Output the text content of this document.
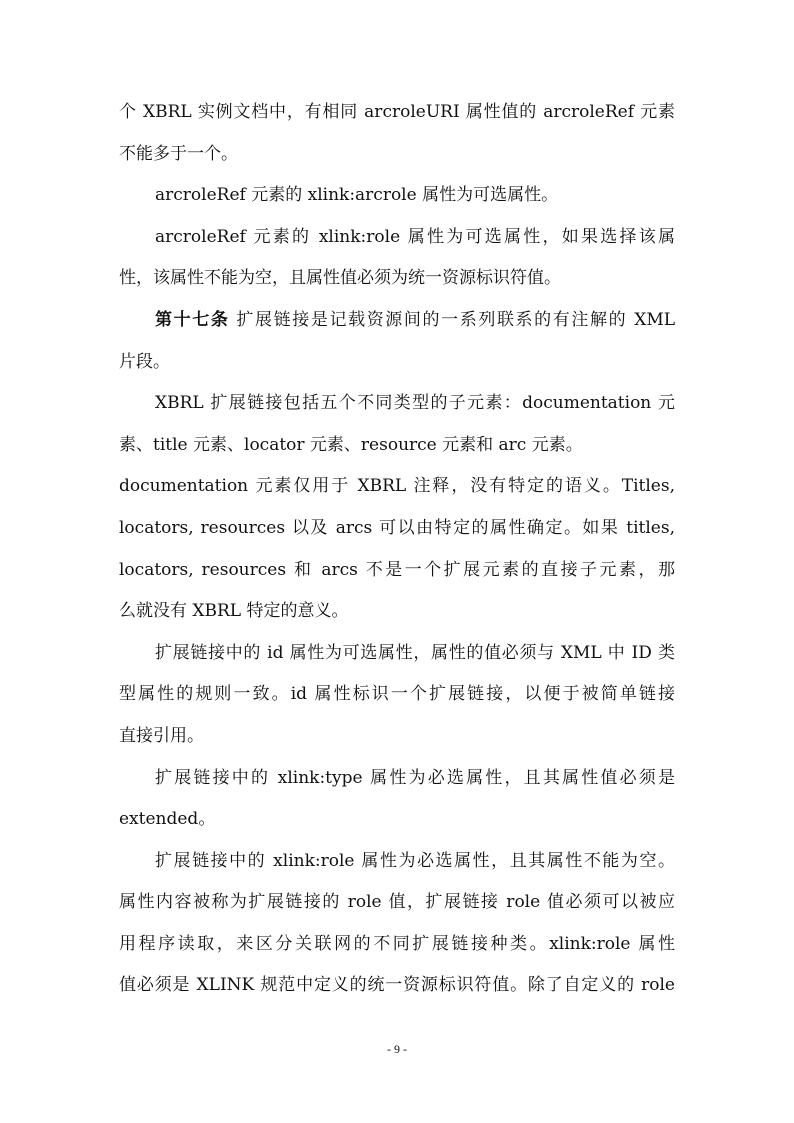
个 XBRL 实例文档中，有相同 arcroleURI 属性值的 arcroleRef 元素
不能多于一个。
arcroleRef 元素的 xlink:arcrole 属性为可选属性。
arcroleRef 元素的 xlink:role 属性为可选属性，如果选择该属
性，该属性不能为空，且属性值必须为统一资源标识符值。
第十七条 扩展链接是记载资源间的一系列联系的有注解的 XML
片段。
XBRL 扩展链接包括五个不同类型的子元素：documentation 元
素、title 元素、locator 元素、resource 元素和 arc 元素。
documentation 元素仅用于 XBRL 注释，没有特定的语义。Titles,
locators, resources 以及 arcs 可以由特定的属性确定。如果 titles,
locators, resources 和 arcs 不是一个扩展元素的直接子元素，那
么就没有 XBRL 特定的意义。
扩展链接中的 id 属性为可选属性，属性的值必须与 XML 中 ID 类
型属性的规则一致。id 属性标识一个扩展链接，以便于被简单链接
直接引用。
扩展链接中的 xlink:type 属性为必选属性，且其属性值必须是
extended。
扩展链接中的 xlink:role 属性为必选属性，且其属性不能为空。
属性内容被称为扩展链接的 role 值，扩展链接 role 值必须可以被应
用程序读取，来区分关联网的不同扩展链接种类。xlink:role 属性
值必须是 XLINK 规范中定义的统一资源标识符值。除了自定义的 role
- 9 -
